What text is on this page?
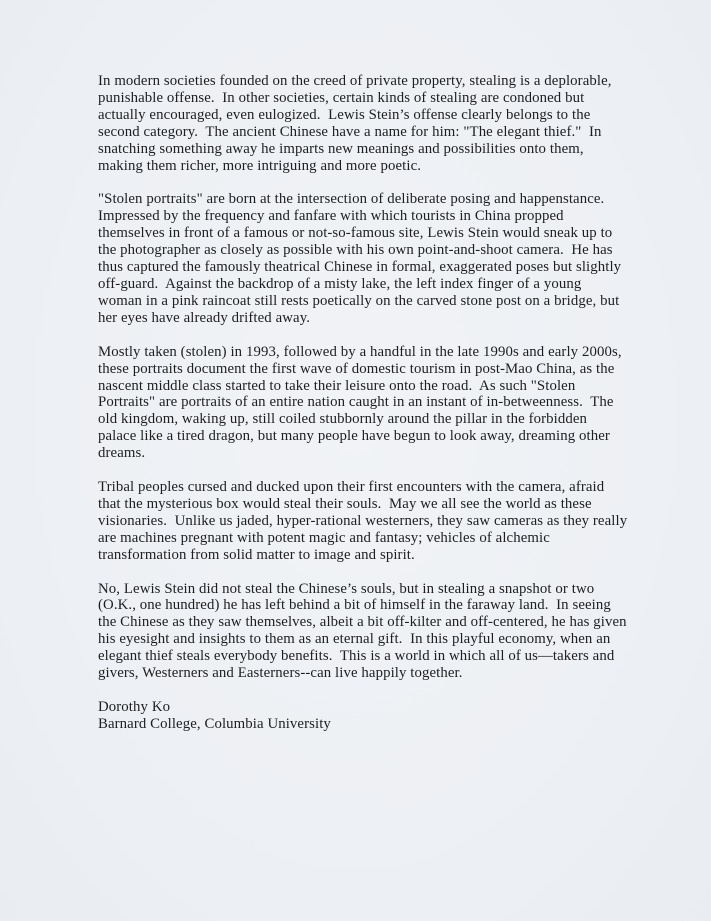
In modern societies founded on the creed of private property, stealing is a deplorable, punishable offense.  In other societies, certain kinds of stealing are condoned but actually encouraged, even eulogized.  Lewis Stein’s offense clearly belongs to the second category.  The ancient Chinese have a name for him: "The elegant thief."  In snatching something away he imparts new meanings and possibilities onto them, making them richer, more intriguing and more poetic.

"Stolen portraits" are born at the intersection of deliberate posing and happenstance.  Impressed by the frequency and fanfare with which tourists in China propped themselves in front of a famous or not-so-famous site, Lewis Stein would sneak up to the photographer as closely as possible with his own point-and-shoot camera.  He has thus captured the famously theatrical Chinese in formal, exaggerated poses but slightly off-guard.  Against the backdrop of a misty lake, the left index finger of a young woman in a pink raincoat still rests poetically on the carved stone post on a bridge, but her eyes have already drifted away.

Mostly taken (stolen) in 1993, followed by a handful in the late 1990s and early 2000s, these portraits document the first wave of domestic tourism in post-Mao China, as the nascent middle class started to take their leisure onto the road.  As such "Stolen Portraits" are portraits of an entire nation caught in an instant of in-betweenness.  The old kingdom, waking up, still coiled stubbornly around the pillar in the forbidden palace like a tired dragon, but many people have begun to look away, dreaming other dreams.

Tribal peoples cursed and ducked upon their first encounters with the camera, afraid that the mysterious box would steal their souls.  May we all see the world as these visionaries.  Unlike us jaded, hyper-rational westerners, they saw cameras as they really are machines pregnant with potent magic and fantasy; vehicles of alchemic transformation from solid matter to image and spirit.

No, Lewis Stein did not steal the Chinese’s souls, but in stealing a snapshot or two (O.K., one hundred) he has left behind a bit of himself in the faraway land.  In seeing the Chinese as they saw themselves, albeit a bit off-kilter and off-centered, he has given his eyesight and insights to them as an eternal gift.  In this playful economy, when an elegant thief steals everybody benefits.  This is a world in which all of us—takers and givers, Westerners and Easterners--can live happily together.

Dorothy Ko
Barnard College, Columbia University
